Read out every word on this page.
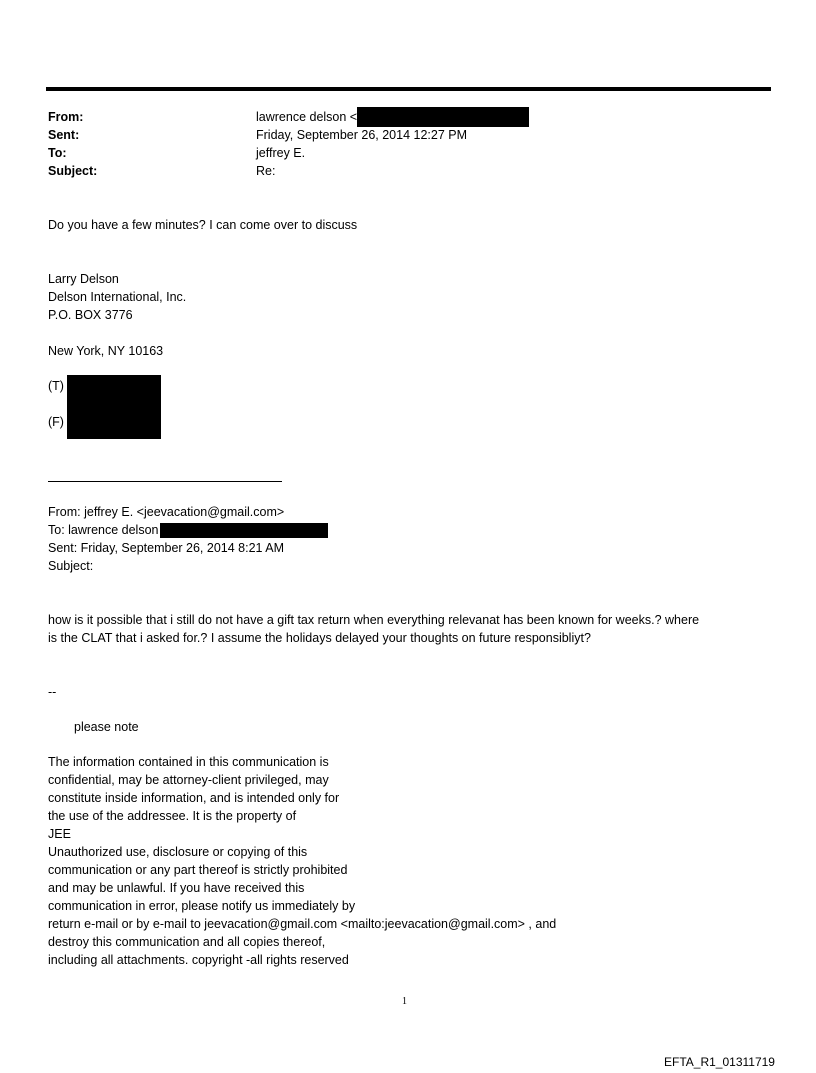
From:	lawrence delson <
Sent:	Friday, September 26, 2014 12:27 PM
To:	jeffrey E.
Subject:	Re:
Do you have a few minutes? I can come over to discuss
Larry Delson
Delson International, Inc.
P.O. BOX 3776
New York, NY 10163
(T)
(F)
From: jeffrey E. <jeevacation@gmail.com>
To: lawrence delson
Sent: Friday, September 26, 2014 8:21 AM
Subject:
how is it possible that i still do not have a gift tax return when everything relevanat has been known for weeks.? where
is the CLAT that i asked for.? I assume the holidays delayed your thoughts on future responsibliyt?
--
please note
The information contained in this communication is
confidential, may be attorney-client privileged, may
constitute inside information, and is intended only for
the use of the addressee. It is the property of
JEE
Unauthorized use, disclosure or copying of this
communication or any part thereof is strictly prohibited
and may be unlawful. If you have received this
communication in error, please notify us immediately by
return e-mail or by e-mail to jeevacation@gmail.com <mailto:jeevacation@gmail.com> , and
destroy this communication and all copies thereof,
including all attachments. copyright -all rights reserved
1
EFTA_R1_01311719
